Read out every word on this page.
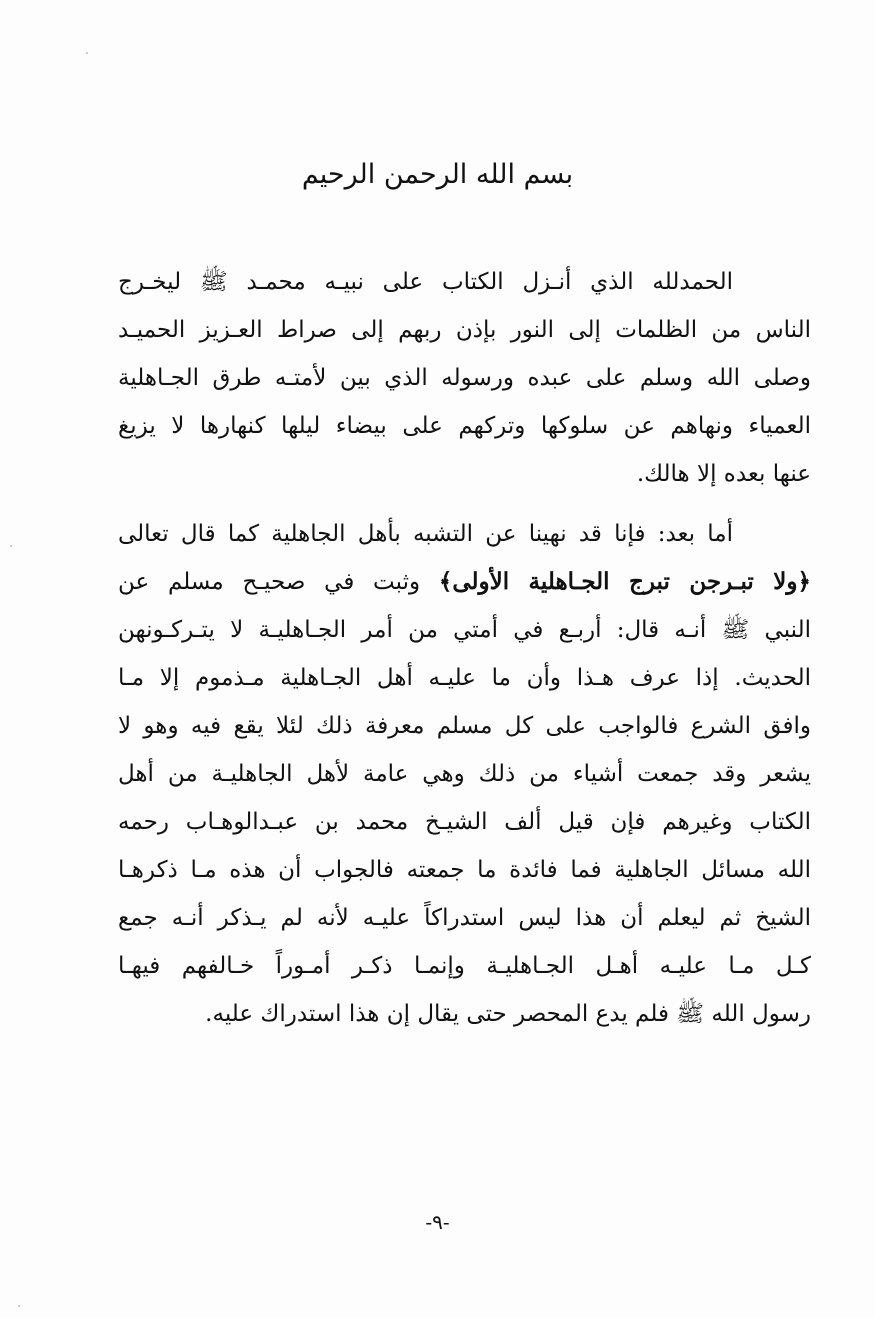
بسم الله الرحمن الرحيم
الحمدلله الذي أنـزل الكتاب على نبيـه محمـد ﷺ ليخـرج
الناس من الظلمات إلى النور بإذن ربهم إلى صراط العـزيز الحميـد
وصلى الله وسلم على عبده ورسوله الذي بين لأمتـه طرق الجـاهلية
العمياء ونهاهم عن سلوكها وتركهم على بيضاء ليلها كنهارها لا يزيغ
عنها بعده إلا هالك.
أما بعد: فإنا قد نهينا عن التشبه بأهل الجاهلية كما قال تعالى
﴿ولا تبـرجن تبرج الجـاهلية الأولى﴾ وثبت في صحيـح مسلم عن
النبي ﷺ أنـه قال: أربـع في أمتي من أمر الجـاهليـة لا يتـركـونهن
الحديث. إذا عرف هـذا وأن ما عليـه أهل الجـاهلية مـذموم إلا مـا
وافق الشرع فالواجب على كل مسلم معرفة ذلك لئلا يقع فيه وهو لا
يشعر وقد جمعت أشياء من ذلك وهي عامة لأهل الجاهليـة من أهل
الكتاب وغيرهم فإن قيل ألف الشيـخ محمد بن عبـدالوهـاب رحمه
الله مسائل الجاهلية فما فائدة ما جمعته فالجواب أن هذه مـا ذكرهـا
الشيخ ثم ليعلم أن هذا ليس استدراكاً عليـه لأنه لم يـذكر أنـه جمع
كـل مـا عليـه أهـل الجـاهليـة وإنمـا ذكـر أمـوراً خـالفهم فيهـا
رسول الله ﷺ فلم يدع المحصر حتى يقال إن هذا استدراك عليه.
-٩-
